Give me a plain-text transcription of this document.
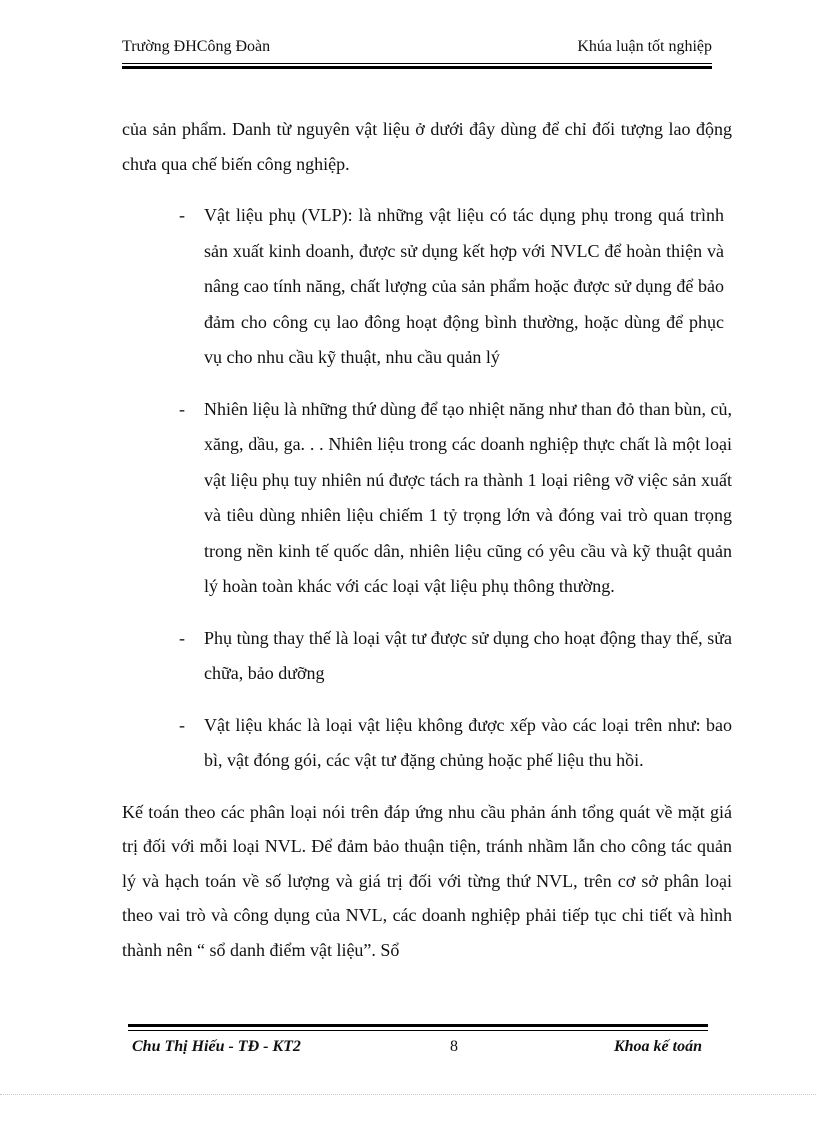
Trường ĐHCông Đoàn	Khúa luận tốt nghiệp

của sản phẩm. Danh từ nguyên vật liệu ở dưới đây dùng để chỉ đối tượng lao động chưa qua chế biến công nghiệp.

- Vật liệu phụ (VLP): là những vật liệu có tác dụng phụ trong quá trình sản xuất kinh doanh, được sử dụng kết hợp với NVLC để hoàn thiện và nâng cao tính năng, chất lượng của sản phẩm hoặc được sử dụng để bảo đảm cho công cụ lao đông hoạt động bình thường, hoặc dùng để phục vụ cho nhu cầu kỹ thuật, nhu cầu quản lý
- Nhiên liệu là những thứ dùng để tạo nhiệt năng như than đỏ than bùn, củ, xăng, dầu, ga. . . Nhiên liệu trong các doanh nghiệp thực chất là một loại vật liệu phụ tuy nhiên nú được tách ra thành 1 loại riêng vỡ việc sản xuất và tiêu dùng nhiên liệu chiếm 1 tỷ trọng lớn và đóng vai trò quan trọng trong nền kinh tế quốc dân, nhiên liệu cũng có yêu cầu và kỹ thuật quản lý hoàn toàn khác với các loại vật liệu phụ thông thường.
- Phụ tùng thay thế là loại vật tư được sử dụng cho hoạt động thay thế, sửa chữa, bảo dưỡng
- Vật liệu khác là loại vật liệu không được xếp vào các loại trên như: bao bì, vật đóng gói, các vật tư đặng chủng hoặc phế liệu thu hồi.

Kế toán theo các phân loại nói trên đáp ứng nhu cầu phản ánh tổng quát về mặt giá trị đối với mỗi loại NVL. Để đảm bảo thuận tiện, tránh nhầm lẫn cho công tác quản lý và hạch toán về số lượng và giá trị đối với từng thứ NVL, trên cơ sở phân loại theo vai trò và công dụng của NVL, các doanh nghiệp phải tiếp tục chi tiết và hình thành nên “ sổ danh điểm vật liệu”. Sổ

Chu Thị Hiếu - TĐ - KT2	8	Khoa kế toán
